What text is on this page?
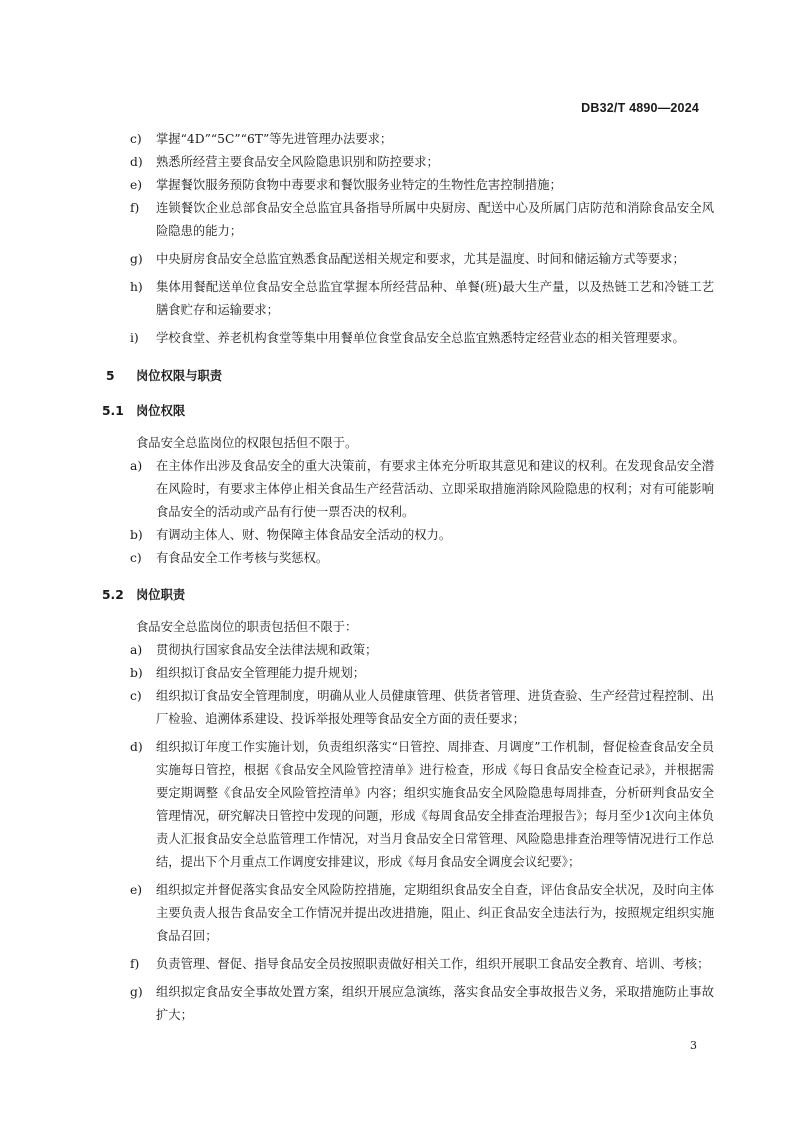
DB32/T 4890—2024
c) 掌握“4D”“5C”“6T”等先进管理办法要求；
d) 熟悉所经营主要食品安全风险隐患识别和防控要求；
e) 掌握餐饮服务预防食物中毒要求和餐饮服务业特定的生物性危害控制措施；
f) 连锁餐饮企业总部食品安全总监宜具备指导所属中央厨房、配送中心及所属门店防范和消除食品安全风险隐患的能力；
g) 中央厨房食品安全总监宜熟悉食品配送相关规定和要求，尤其是温度、时间和储运输方式等要求；
h) 集体用餐配送单位食品安全总监宜掌握本所经营品种、单餐(班)最大生产量，以及热链工艺和冷链工艺膳食贮存和运输要求；
i) 学校食堂、养老机构食堂等集中用餐单位食堂食品安全总监宜熟悉特定经营业态的相关管理要求。
5 岗位权限与职责
5.1 岗位权限
食品安全总监岗位的权限包括但不限于。
a) 在主体作出涉及食品安全的重大决策前，有要求主体充分听取其意见和建议的权利。在发现食品安全潜在风险时，有要求主体停止相关食品生产经营活动、立即采取措施消除风险隐患的权利；对有可能影响食品安全的活动或产品有行使一票否决的权利。
b) 有调动主体人、财、物保障主体食品安全活动的权力。
c) 有食品安全工作考核与奖惩权。
5.2 岗位职责
食品安全总监岗位的职责包括但不限于：
a) 贯彻执行国家食品安全法律法规和政策；
b) 组织拟订食品安全管理能力提升规划；
c) 组织拟订食品安全管理制度，明确从业人员健康管理、供货者管理、进货查验、生产经营过程控制、出厂检验、追溯体系建设、投诉举报处理等食品安全方面的责任要求；
d) 组织拟订年度工作实施计划，负责组织落实“日管控、周排查、月调度”工作机制，督促检查食品安全员实施每日管控，根据《食品安全风险管控清单》进行检查，形成《每日食品安全检查记录》，并根据需要定期调整《食品安全风险管控清单》内容；组织实施食品安全风险隐患每周排查，分析研判食品安全管理情况，研究解决日管控中发现的问题，形成《每周食品安全排查治理报告》；每月至少1次向主体负责人汇报食品安全总监管理工作情况，对当月食品安全日常管理、风险隐患排查治理等情况进行工作总结，提出下个月重点工作调度安排建议，形成《每月食品安全调度会议纪要》；
e) 组织拟定并督促落实食品安全风险防控措施，定期组织食品安全自查，评估食品安全状况，及时向主体主要负责人报告食品安全工作情况并提出改进措施，阻止、纠正食品安全违法行为，按照规定组织实施食品召回；
f) 负责管理、督促、指导食品安全员按照职责做好相关工作，组织开展职工食品安全教育、培训、考核；
g) 组织拟定食品安全事故处置方案，组织开展应急演练，落实食品安全事故报告义务，采取措施防止事故扩大；
3
